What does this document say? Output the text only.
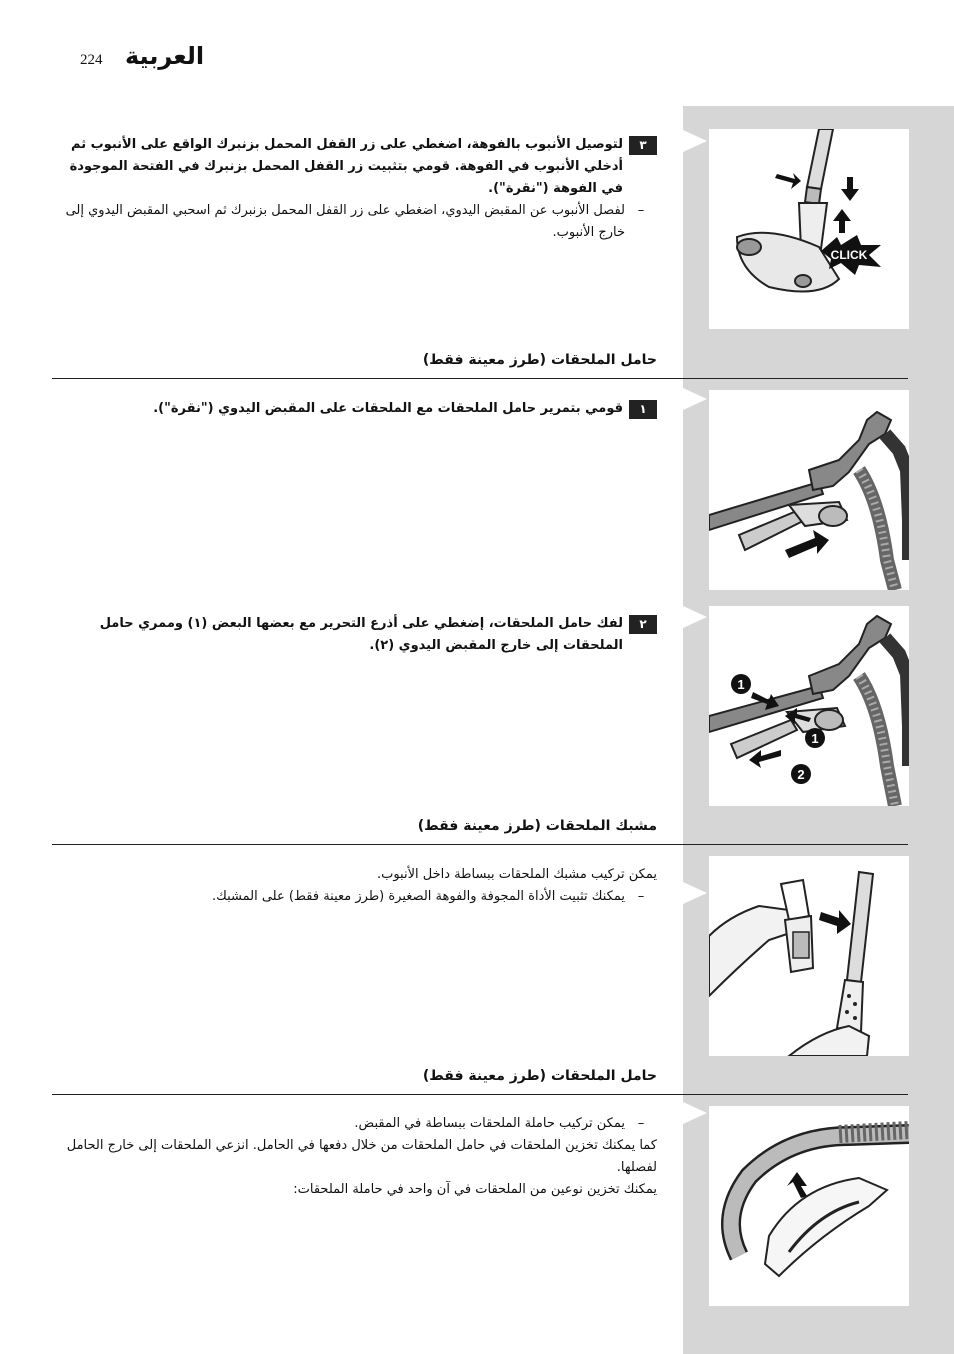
224 العربية
٣
لتوصيل الأنبوب بالفوهة، اضغطي على زر القفل المحمل بزنبرك الواقع على الأنبوب ثم أدخلي الأنبوب في الفوهة. قومي بتثبيت زر القفل المحمل بزنبرك في الفتحة الموجودة في الفوهة ("نقرة").
–
لفصل الأنبوب عن المقبض اليدوي، اضغطي على زر القفل المحمل بزنبرك ثم اسحبي المقبض اليدوي إلى خارج الأنبوب.
CLICK
حامل الملحقات (طرز معينة فقط)
١
قومي بتمرير حامل الملحقات مع الملحقات على المقبض اليدوي ("نقرة").
٢
لفك حامل الملحقات، إضغطي على أذرع التحرير مع بعضها البعض (١) وممري حامل الملحقات إلى خارج المقبض اليدوي (٢).
1
1
2
مشبك الملحقات (طرز معينة فقط)
يمكن تركيب مشبك الملحقات ببساطة داخل الأنبوب.
–
يمكنك تثبيت الأداة المجوفة والفوهة الصغيرة (طرز معينة فقط) على المشبك.
حامل الملحقات (طرز معينة فقط)
–
يمكن تركيب حاملة الملحقات ببساطة في المقبض.
كما يمكنك تخزين الملحقات في حامل الملحقات من خلال دفعها في الحامل. انزعي الملحقات إلى خارج الحامل لفصلها.
يمكنك تخزين نوعين من الملحقات في آن واحد في حاملة الملحقات:
